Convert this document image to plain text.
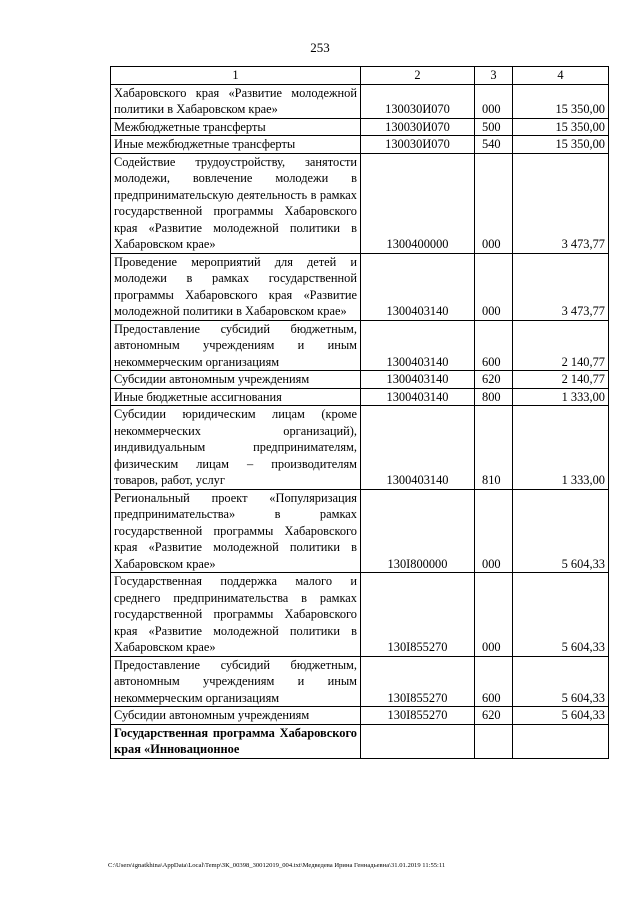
253
1	2	3	4
Хабаровского края «Развитие молодежной политики в Хабаровском крае»	130030И070	000	15 350,00
Межбюджетные трансферты	130030И070	500	15 350,00
Иные межбюджетные трансферты	130030И070	540	15 350,00
Содействие трудоустройству, занятости молодежи, вовлечение молодежи в предпринимательскую деятельность в рамках государственной программы Хабаровского края «Развитие молодежной политики в Хабаровском крае»	1300400000	000	3 473,77
Проведение мероприятий для детей и молодежи в рамках государственной программы Хабаровского края «Развитие молодежной политики в Хабаровском крае»	1300403140	000	3 473,77
Предоставление субсидий бюджетным, автономным учреждениям и иным некоммерческим организациям	1300403140	600	2 140,77
Субсидии автономным учреждениям	1300403140	620	2 140,77
Иные бюджетные ассигнования	1300403140	800	1 333,00
Субсидии юридическим лицам (кроме некоммерческих организаций), индивидуальным предпринимателям, физическим лицам – производителям товаров, работ, услуг	1300403140	810	1 333,00
Региональный проект «Популяризация предпринимательства» в рамках государственной программы Хабаровского края «Развитие молодежной политики в Хабаровском крае»	130I800000	000	5 604,33
Государственная поддержка малого и среднего предпринимательства в рамках государственной программы Хабаровского края «Развитие молодежной политики в Хабаровском крае»	130I855270	000	5 604,33
Предоставление субсидий бюджетным, автономным учреждениям и иным некоммерческим организациям	130I855270	600	5 604,33
Субсидии автономным учреждениям	130I855270	620	5 604,33
Государственная программа Хабаровского края «Инновационное			
C:\Users\ignatkhina\AppData\Local\Temp\ЗК_00398_30012019_004.txt\Медведева Ирина Геннадьевна\31.01.2019 11:55:11
